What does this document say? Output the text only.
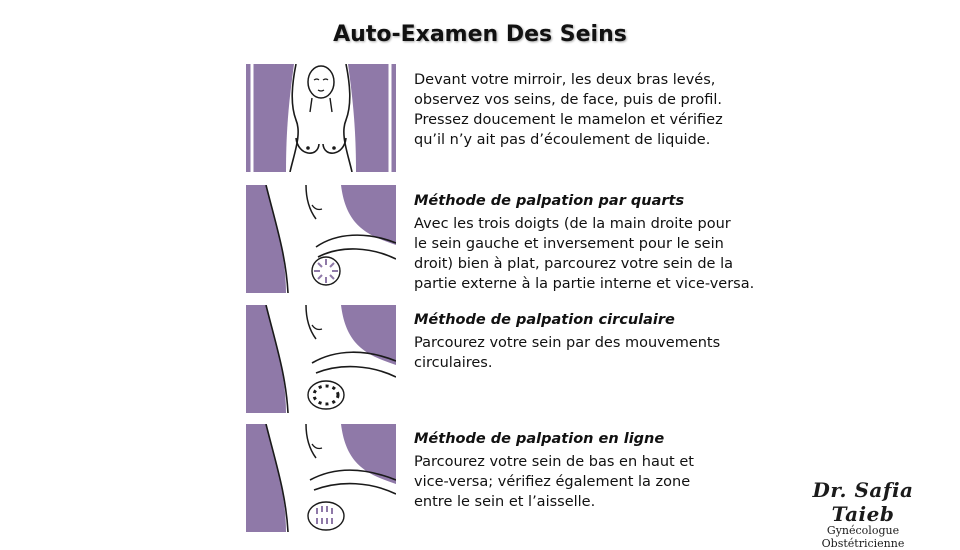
Auto-Examen Des Seins
Devant votre mirroir, les deux bras levés,
observez vos seins, de face, puis de profil.
Pressez doucement le mamelon et vérifiez
qu’il n’y ait pas d’écoulement de liquide.
Méthode de palpation par quarts
Avec les trois doigts (de la main droite pour
le sein gauche et inversement pour le sein
droit) bien à plat, parcourez votre sein de la
partie externe à la partie interne et vice-versa.
Méthode de palpation circulaire
Parcourez votre sein par des mouvements
circulaires.
Méthode de palpation en ligne
Parcourez votre sein de bas en haut et
vice-versa; vérifiez également la zone
entre le sein et l’aisselle.	Dr. Safia Taieb
Gynécologue Obstétricienne
